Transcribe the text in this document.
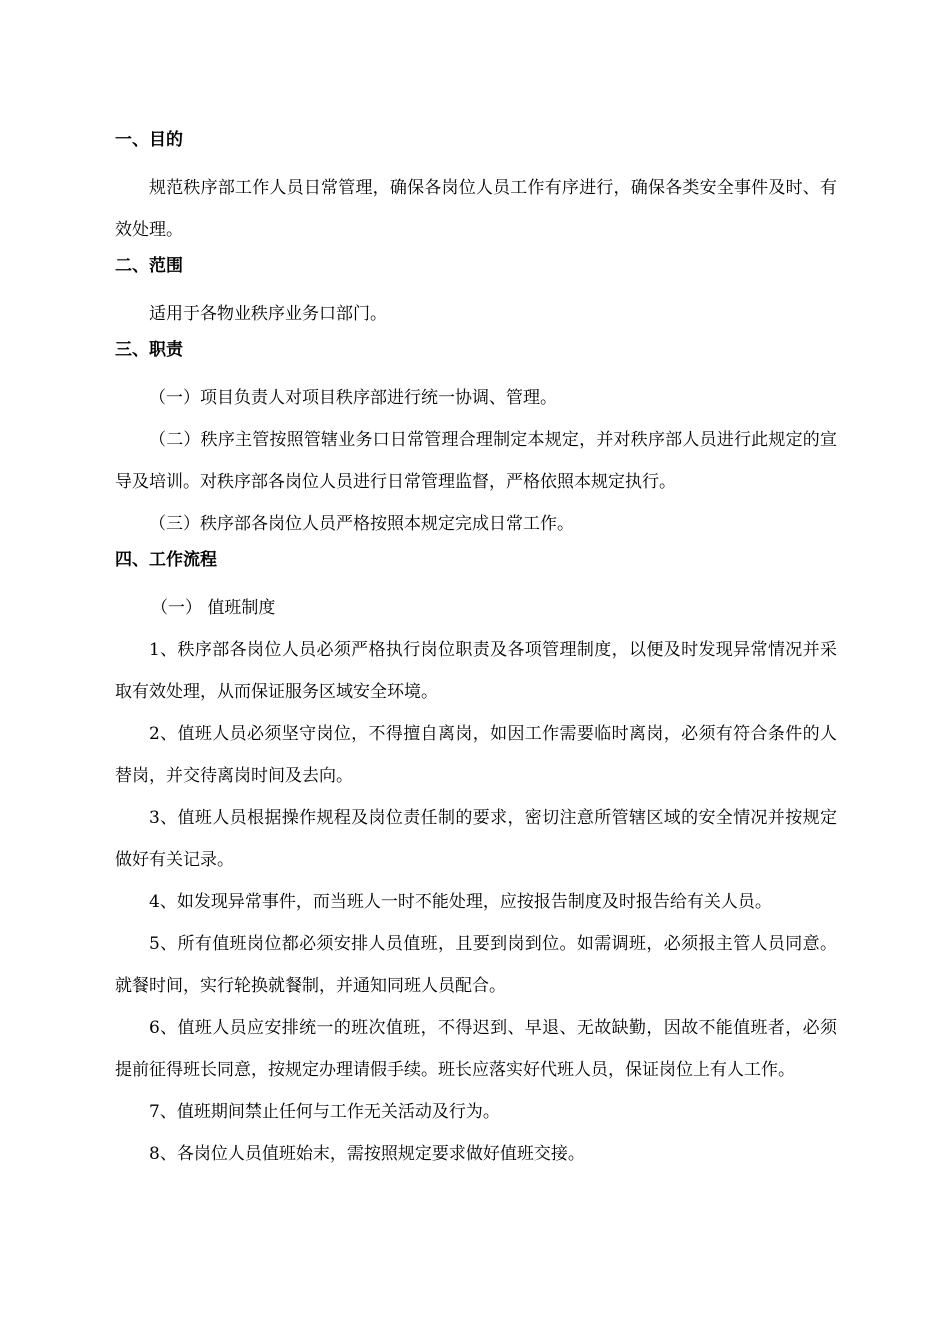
一、目的
规范秩序部工作人员日常管理，确保各岗位人员工作有序进行，确保各类安全事件及时、有效处理。
二、范围
适用于各物业秩序业务口部门。
三、职责
（一）项目负责人对项目秩序部进行统一协调、管理。
（二）秩序主管按照管辖业务口日常管理合理制定本规定，并对秩序部人员进行此规定的宣导及培训。对秩序部各岗位人员进行日常管理监督，严格依照本规定执行。
（三）秩序部各岗位人员严格按照本规定完成日常工作。
四、工作流程
（一） 值班制度
1、秩序部各岗位人员必须严格执行岗位职责及各项管理制度，以便及时发现异常情况并采取有效处理，从而保证服务区域安全环境。
2、值班人员必须坚守岗位，不得擅自离岗，如因工作需要临时离岗，必须有符合条件的人替岗，并交待离岗时间及去向。
3、值班人员根据操作规程及岗位责任制的要求，密切注意所管辖区域的安全情况并按规定做好有关记录。
4、如发现异常事件，而当班人一时不能处理，应按报告制度及时报告给有关人员。
5、所有值班岗位都必须安排人员值班，且要到岗到位。如需调班，必须报主管人员同意。就餐时间，实行轮换就餐制，并通知同班人员配合。
6、值班人员应安排统一的班次值班，不得迟到、早退、无故缺勤，因故不能值班者，必须提前征得班长同意，按规定办理请假手续。班长应落实好代班人员，保证岗位上有人工作。
7、值班期间禁止任何与工作无关活动及行为。
8、各岗位人员值班始末，需按照规定要求做好值班交接。
